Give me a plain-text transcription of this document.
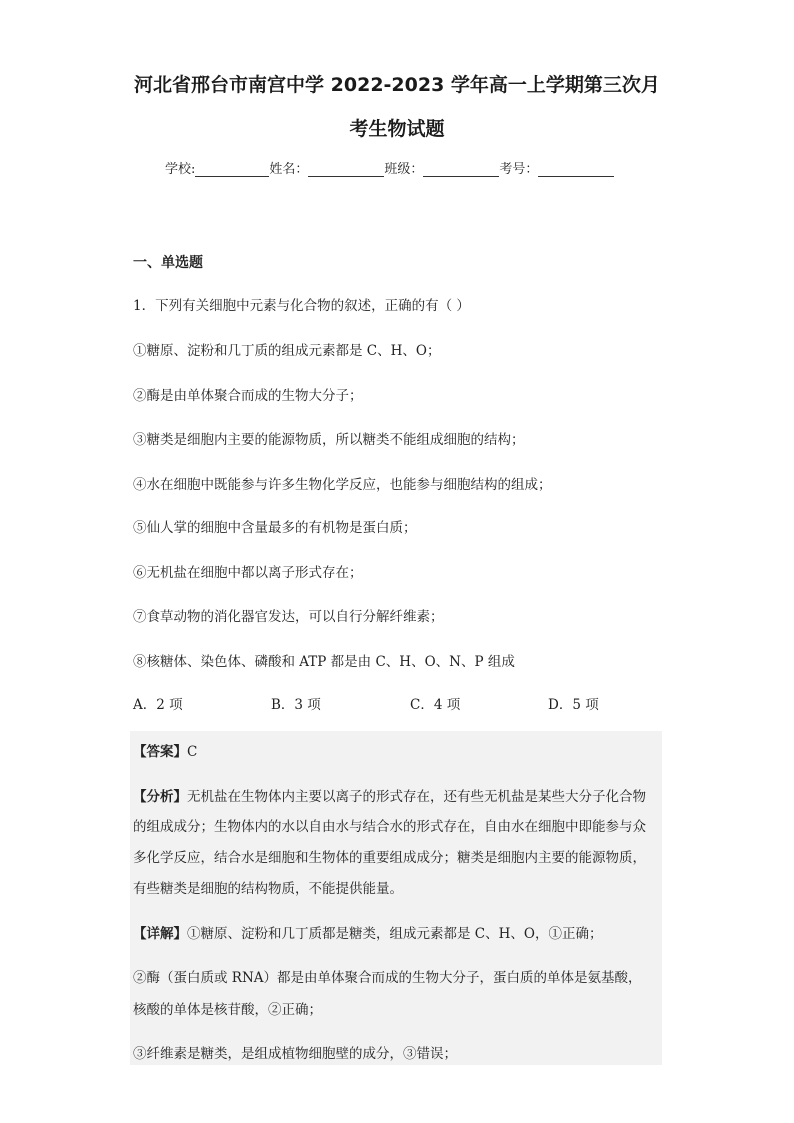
河北省邢台市南宫中学 2022-2023 学年高一上学期第三次月
考生物试题
学校:	姓名：	班级：	考号：
一、单选题
1．下列有关细胞中元素与化合物的叙述，正确的有（ ）
①糖原、淀粉和几丁质的组成元素都是 C、H、O；
②酶是由单体聚合而成的生物大分子；
③糖类是细胞内主要的能源物质，所以糖类不能组成细胞的结构；
④水在细胞中既能参与许多生物化学反应，也能参与细胞结构的组成；
⑤仙人掌的细胞中含量最多的有机物是蛋白质；
⑥无机盐在细胞中都以离子形式存在；
⑦食草动物的消化器官发达，可以自行分解纤维素；
⑧核糖体、染色体、磷酸和 ATP 都是由 C、H、O、N、P 组成
A．2 项	B．3 项	C．4 项	D．5 项
【答案】C
【分析】无机盐在生物体内主要以离子的形式存在，还有些无机盐是某些大分子化合物
的组成成分；生物体内的水以自由水与结合水的形式存在，自由水在细胞中即能参与众
多化学反应，结合水是细胞和生物体的重要组成成分；糖类是细胞内主要的能源物质，
有些糖类是细胞的结构物质，不能提供能量。
【详解】①糖原、淀粉和几丁质都是糖类，组成元素都是 C、H、O，①正确；
②酶（蛋白质或 RNA）都是由单体聚合而成的生物大分子，蛋白质的单体是氨基酸，
核酸的单体是核苷酸，②正确；
③纤维素是糖类，是组成植物细胞壁的成分，③错误；
